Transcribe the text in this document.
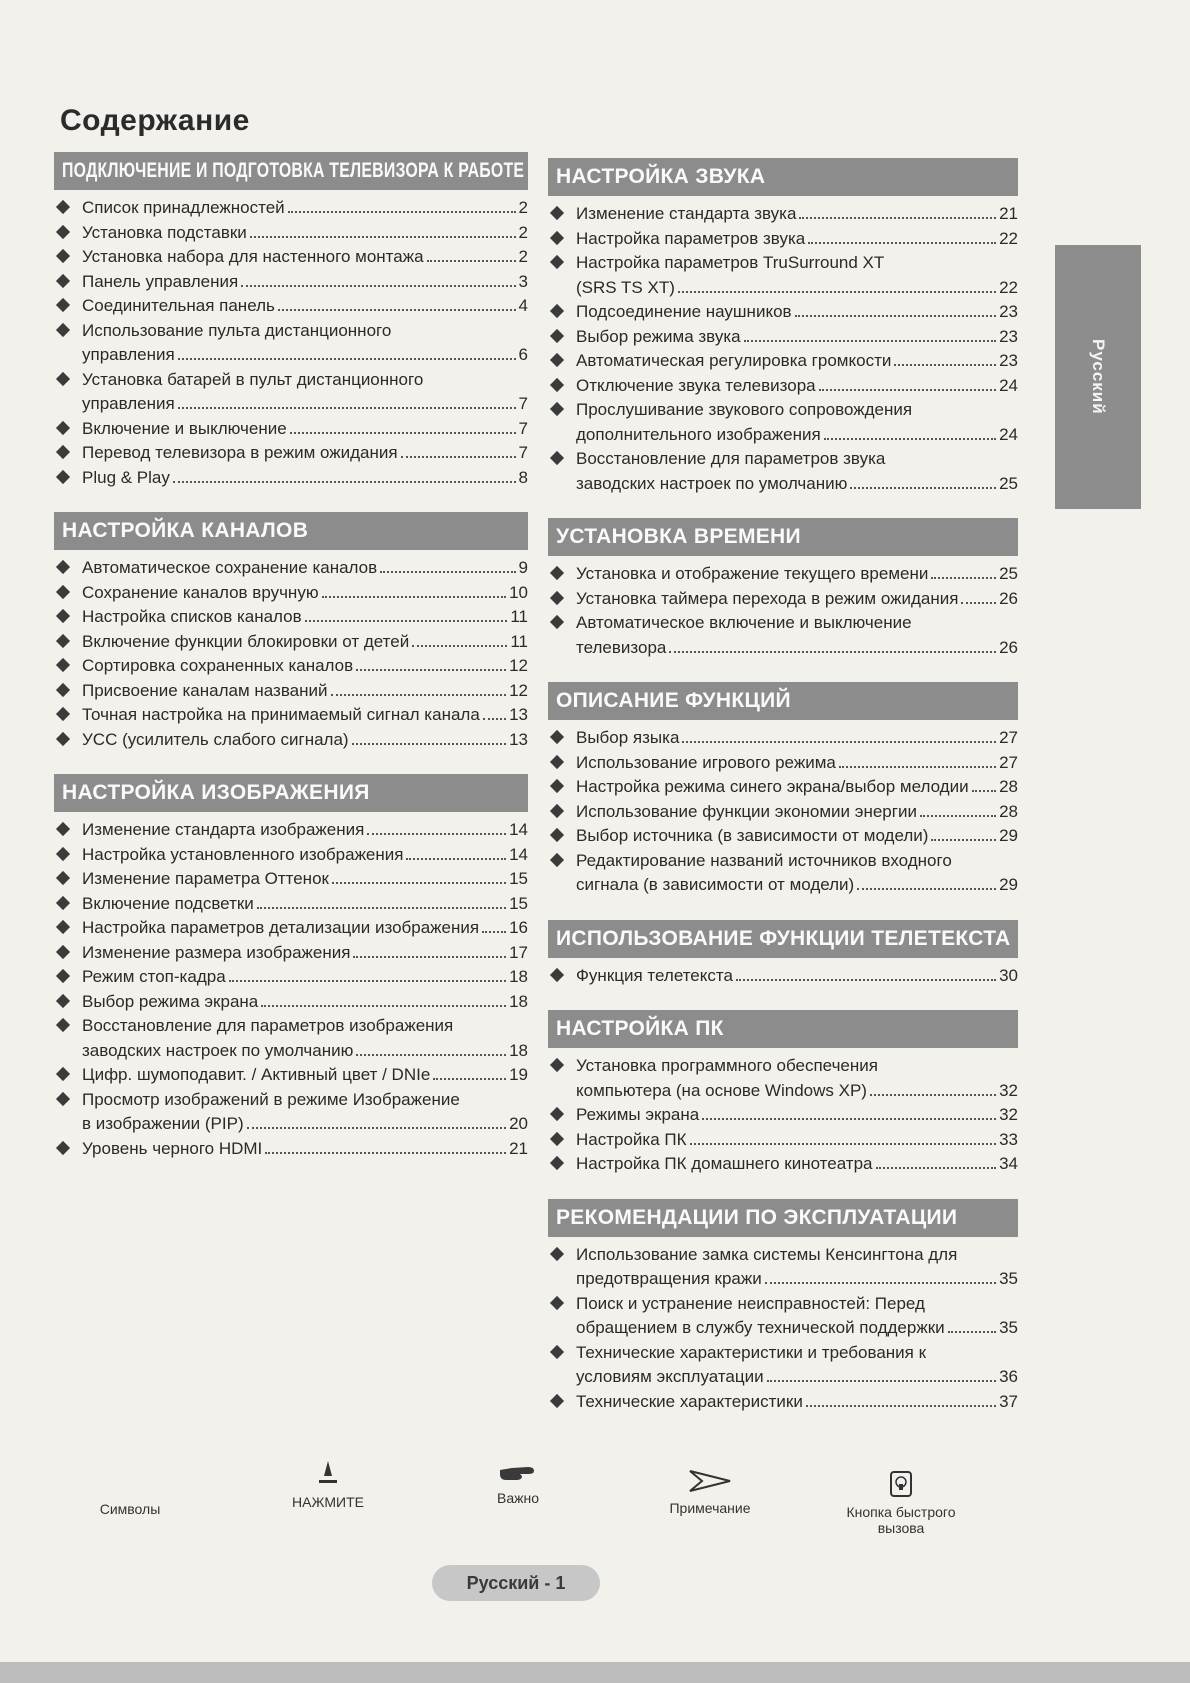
Содержание
ПОДКЛЮЧЕНИЕ И ПОДГОТОВКА ТЕЛЕВИЗОРА К РАБОТЕ
Список принадлежностей	2
Установка подставки	2
Установка набора для настенного монтажа	2
Панель управления	3
Соединительная панель	4
Использование пульта дистанционного
управления	6
Установка батарей в пульт дистанционного
управления	7
Включение и выключение	7
Перевод телевизора в режим ожидания	7
Plug & Play	8
НАСТРОЙКА КАНАЛОВ
Автоматическое сохранение каналов	9
Сохранение каналов вручную	10
Настройка списков каналов	11
Включение функции блокировки от детей	11
Сортировка сохраненных каналов	12
Присвоение каналам названий	12
Точная настройка на принимаемый сигнал канала 13
УСС (усилитель слабого сигнала)	13
НАСТРОЙКА ИЗОБРАЖЕНИЯ
Изменение стандарта изображения	14
Настройка установленного изображения	14
Изменение параметра Оттенок	15
Включение подсветки	15
Настройка параметров детализации изображения 16
Изменение размера изображения	17
Режим стоп-кадра	18
Выбор режима экрана	18
Восстановление для параметров изображения
заводских настроек по умолчанию	18
Цифр. шумоподавит. / Активный цвет / DNIe	19
Просмотр изображений в режиме Изображение
в изображении (PIP)	20
Уровень черного HDMI	21
НАСТРОЙКА ЗВУКА
Изменение стандарта звука	21
Настройка параметров звука	22
Настройка параметров TruSurround XT
(SRS TS XT)	22
Подсоединение наушников	23
Выбор режима звука	23
Автоматическая регулировка громкости	23
Отключение звука телевизора	24
Прослушивание звукового сопровождения
дополнительного изображения	24
Восстановление для параметров звука
заводских настроек по умолчанию	25
УСТАНОВКА ВРЕМЕНИ
Установка и отображение текущего времени	25
Установка таймера перехода в режим ожидания 26
Автоматическое включение и выключение
телевизора	26
ОПИСАНИЕ ФУНКЦИЙ
Выбор языка	27
Использование игрового режима	27
Настройка режима синего экрана/выбор мелодии 28
Использование функции экономии энергии	28
Выбор источника (в зависимости от модели)	29
Редактирование названий источников входного
сигнала (в зависимости от модели)	29
ИСПОЛЬЗОВАНИЕ ФУНКЦИИ ТЕЛЕТЕКСТА
Функция телетекста	30
НАСТРОЙКА ПК
Установка программного обеспечения
компьютера (на основе Windows XP)	32
Режимы экрана	32
Настройка ПК	33
Настройка ПК домашнего кинотеатра	34
РЕКОМЕНДАЦИИ ПО ЭКСПЛУАТАЦИИ
Использование замка системы Кенсингтона для
предотвращения кражи	35
Поиск и устранение неисправностей: Перед
обращением в службу технической поддержки	35
Технические характеристики и требования к
условиям эксплуатации	36
Технические характеристики	37
Русский
Символы	НАЖМИТЕ	Важно
Примечание	Кнопка быстрого вызова
Русский - 1
